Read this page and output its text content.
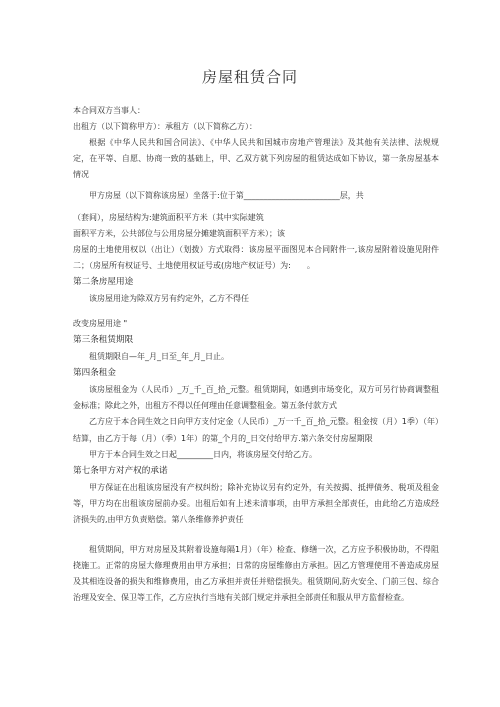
房屋租赁合同

本合同双方当事人：

出租方（以下简称甲方）：承租方（以下简称乙方）：

根据《中华人民共和国合同法》、《中华人民共和国城市房地产管理法》及其他有关法律、法规规定，在平等、自愿、协商一致的基础上，甲、乙双方就下列房屋的租赁达成如下协议，第一条房屋基本情况

甲方房屋（以下简称该房屋）坐落于:位于第________________________层，共

（套间），房屋结构为:建筑面积平方米（其中实际建筑

面积平方米，公共部位与公用房屋分摊建筑面积平方米）；该

房屋的土地使用权以（出让）（划拨）方式取得：该房屋平面图见本合同附件一,该房屋附着设施见附件二；（房屋所有权证号、土地使用权证号或(房地产权证号）为:　　。

第二条房屋用途

该房屋用途为除双方另有约定外，乙方不得任

改变房屋用途 "

第三条租赁期限

租赁期限自—年_月_日至_年_月_日止。

第四条租金

该房屋租金为（人民币）_万_千_百_拾_元整。租赁期间，如遇到市场变化，双方可另行协商调整租金标准；除此之外，出租方不得以任何理由任意调整租金。第五条付款方式

乙方应于本合同生效之日向甲方支付定金（人民币）_万一千_百_拾_元整。租金按（月）1季）（年）结算，由乙方于每（月）（季）1年）的第_个月的_日交付给甲方.第六条交付房屋期限

甲方于本合同生效之日起_________日内，将该房屋交付给乙方。

第七条甲方对产权的承诺

甲方保证在出租该房屋没有产权纠纷；除补充协议另有约定外，有关按揭、抵押债务、税项及租金等，甲方均在出租该房屋前办妥。出租后如有上述未清事项，由甲方承担全部责任，由此给乙方造成经济损失的,由甲方负责赔偿。第八条维修养护责任

租赁期间，甲方对房屋及其附着设施每隔1月）（年）检查、修缮一次，乙方应予积极协助，不得阻挠施工。正常的房屋大修理费用由甲方承担；日常的房屋维修由方承担。因乙方管理使用不善造成房屋及其相连设备的损失和维修费用，由乙方承担并责任并赔偿损失。租赁期间,防火安全、门前三包、综合治理及安全、保卫等工作，乙方应执行当地有关部门规定并承担全部责任和服从甲方监督检查。
